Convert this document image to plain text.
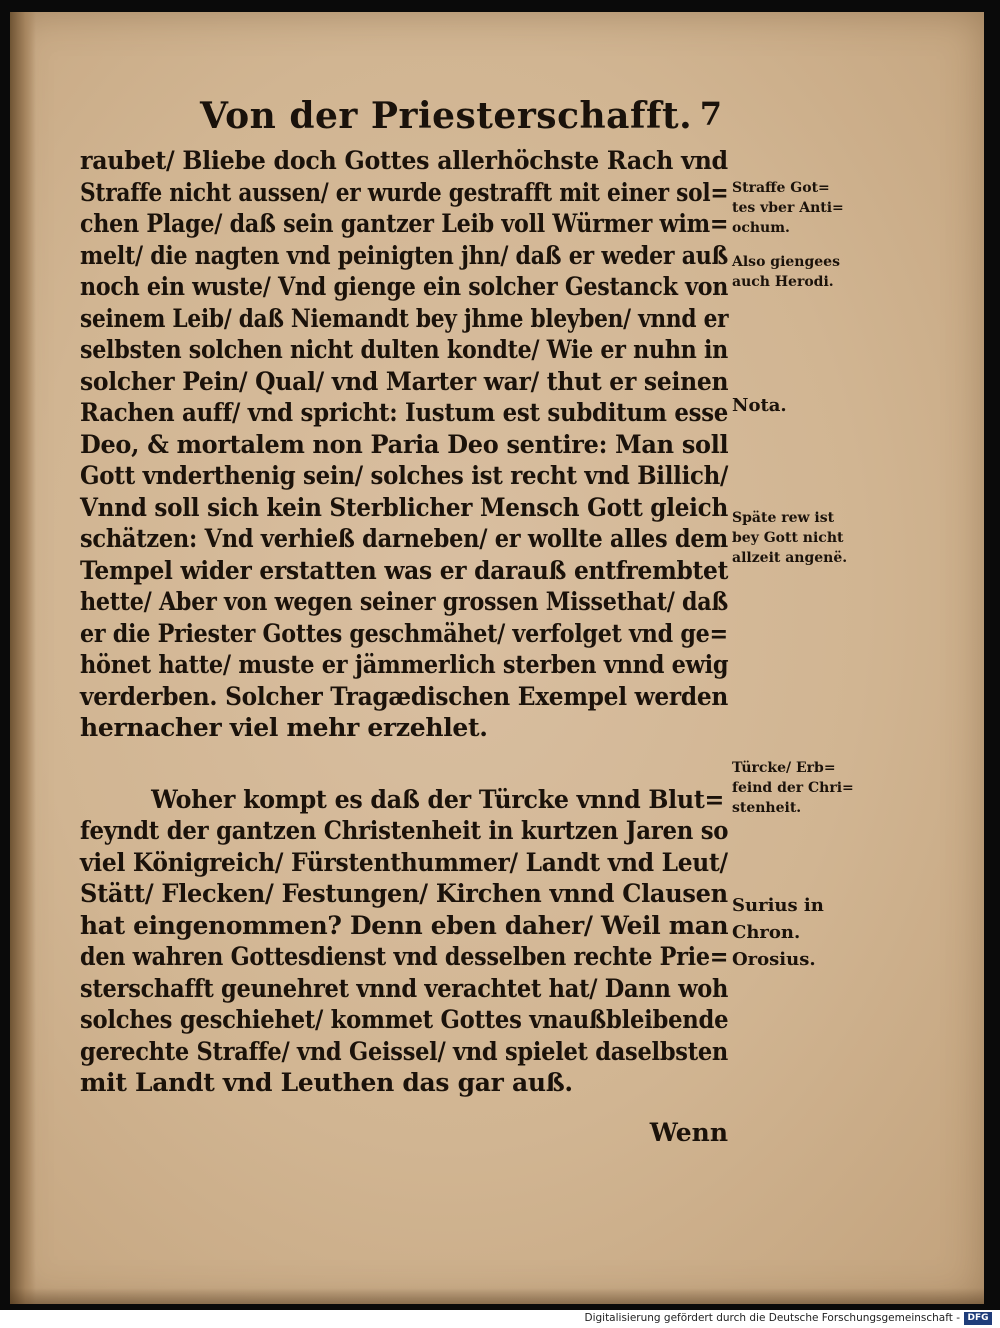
Von der Priesterschafft. 7
raubet/ Bliebe doch Gottes allerhöchste Rach vnd
Straffe nicht aussen/ er wurde gestrafft mit einer sol=
chen Plage/ daß sein gantzer Leib voll Würmer wim=
melt/ die nagten vnd peinigten jhn/ daß er weder auß
noch ein wuste/ Vnd gienge ein solcher Gestanck von
seinem Leib/ daß Niemandt bey jhme bleyben/ vnnd er
selbsten solchen nicht dulten kondte/ Wie er nuhn in
solcher Pein/ Qual/ vnd Marter war/ thut er seinen
Rachen auff/ vnd spricht: Iustum est subditum esse
Deo, & mortalem non Paria Deo sentire: Man soll
Gott vnderthenig sein/ solches ist recht vnd Billich/
Vnnd soll sich kein Sterblicher Mensch Gott gleich
schätzen: Vnd verhieß darneben/ er wollte alles dem
Tempel wider erstatten was er darauß entfrembtet
hette/ Aber von wegen seiner grossen Missethat/ daß
er die Priester Gottes geschmähet/ verfolget vnd ge=
hönet hatte/ muste er jämmerlich sterben vnnd ewig
verderben. Solcher Tragædischen Exempel werden
hernacher viel mehr erzehlet.
Woher kompt es daß der Türcke vnnd Blut=
feyndt der gantzen Christenheit in kurtzen Jaren so
viel Königreich/ Fürstenthummer/ Landt vnd Leut/
Stätt/ Flecken/ Festungen/ Kirchen vnnd Clausen
hat eingenommen? Denn eben daher/ Weil man
den wahren Gottesdienst vnd desselben rechte Prie=
sterschafft geunehret vnnd verachtet hat/ Dann woh
solches geschiehet/ kommet Gottes vnaußbleibende
gerechte Straffe/ vnd Geissel/ vnd spielet daselbsten
mit Landt vnd Leuthen das gar auß.
Wenn
Straffe Got=
tes vber Anti=
ochum.
Also giengees
auch Herodi.
Nota.
Späte rew ist
bey Gott nicht
allzeit angenë.
Türcke/ Erb=
feind der Chri=
stenheit.
Surius in
Chron.
Orosius.
Digitalisierung gefördert durch die Deutsche Forschungsgemeinschaft - DFG
